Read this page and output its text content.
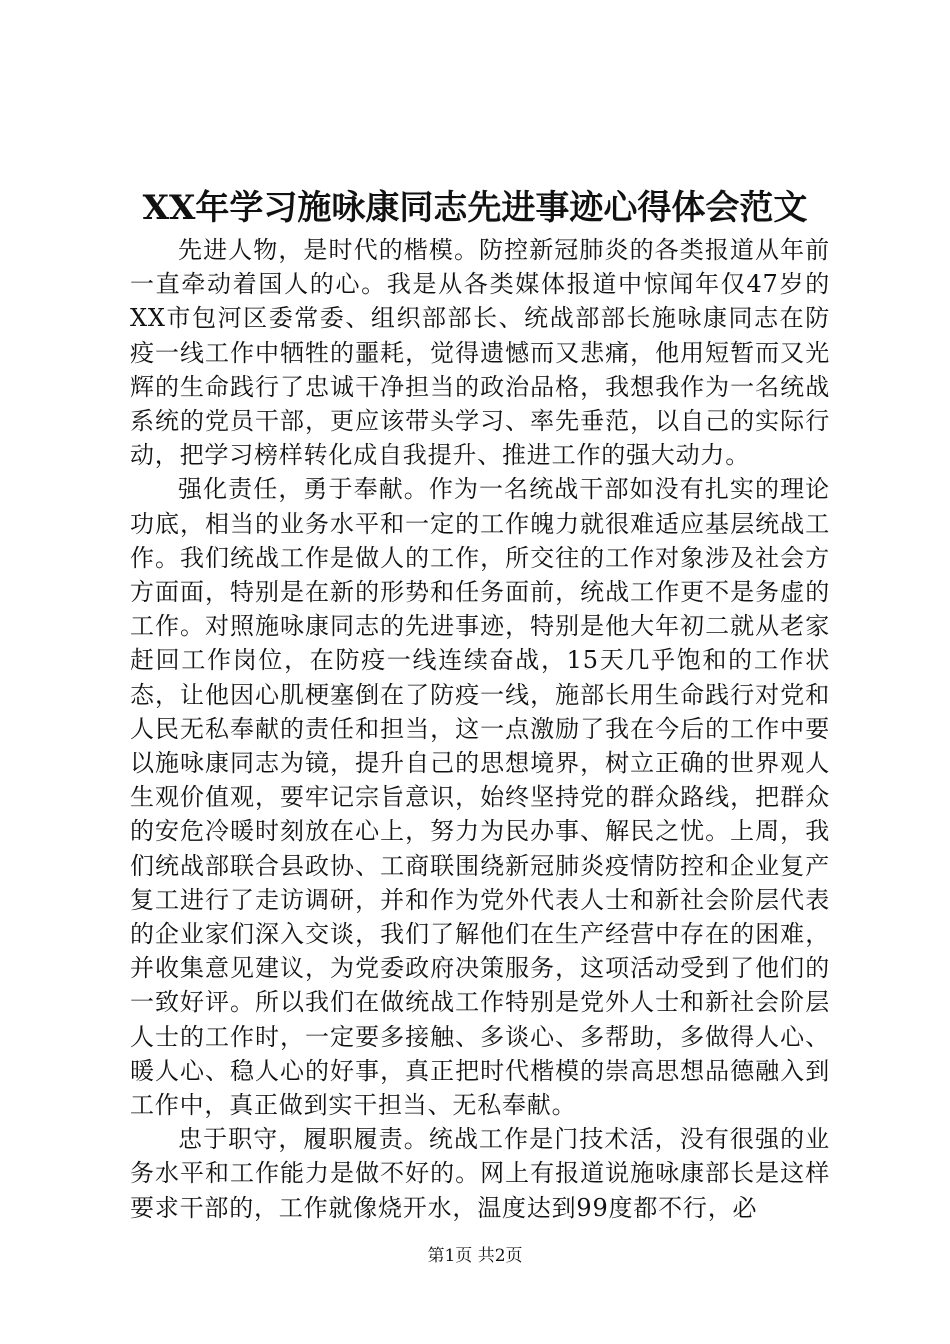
XX年学习施咏康同志先进事迹心得体会范文

先进人物，是时代的楷模。防控新冠肺炎的各类报道从年前一直牵动着国人的心。我是从各类媒体报道中惊闻年仅47岁的XX市包河区委常委、组织部部长、统战部部长施咏康同志在防疫一线工作中牺牲的噩耗，觉得遗憾而又悲痛，他用短暂而又光辉的生命践行了忠诚干净担当的政治品格，我想我作为一名统战系统的党员干部，更应该带头学习、率先垂范，以自己的实际行动，把学习榜样转化成自我提升、推进工作的强大动力。

强化责任，勇于奉献。作为一名统战干部如没有扎实的理论功底，相当的业务水平和一定的工作魄力就很难适应基层统战工作。我们统战工作是做人的工作，所交往的工作对象涉及社会方方面面，特别是在新的形势和任务面前，统战工作更不是务虚的工作。对照施咏康同志的先进事迹，特别是他大年初二就从老家赶回工作岗位，在防疫一线连续奋战，15天几乎饱和的工作状态，让他因心肌梗塞倒在了防疫一线，施部长用生命践行对党和人民无私奉献的责任和担当，这一点激励了我在今后的工作中要以施咏康同志为镜，提升自己的思想境界，树立正确的世界观人生观价值观，要牢记宗旨意识，始终坚持党的群众路线，把群众的安危冷暖时刻放在心上，努力为民办事、解民之忧。上周，我们统战部联合县政协、工商联围绕新冠肺炎疫情防控和企业复产复工进行了走访调研，并和作为党外代表人士和新社会阶层代表的企业家们深入交谈，我们了解他们在生产经营中存在的困难，并收集意见建议，为党委政府决策服务，这项活动受到了他们的一致好评。所以我们在做统战工作特别是党外人士和新社会阶层人士的工作时，一定要多接触、多谈心、多帮助，多做得人心、暖人心、稳人心的好事，真正把时代楷模的崇高思想品德融入到工作中，真正做到实干担当、无私奉献。

忠于职守，履职履责。统战工作是门技术活，没有很强的业务水平和工作能力是做不好的。网上有报道说施咏康部长是这样要求干部的，工作就像烧开水，温度达到99度都不行，必

第1页 共2页
